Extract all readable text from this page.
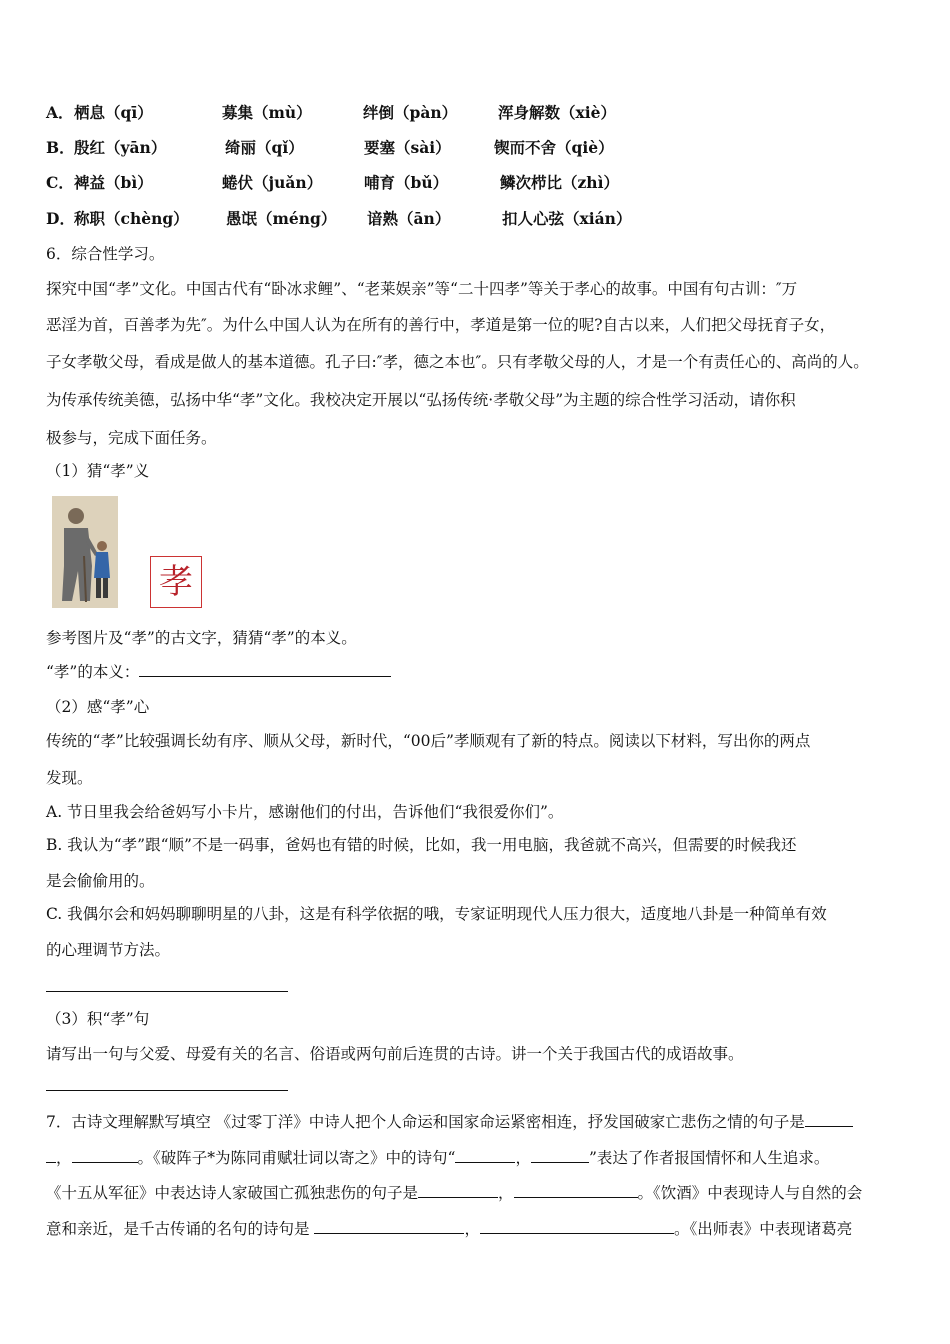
A． 栖息（qī）	募集（mù）	绊倒（pàn）	浑身解数（xiè）
B． 殷红（yān）	绮丽（qǐ）	要塞（sài）	锲而不舍（qiè）
C． 裨益（bì）	蜷伏（juǎn）	哺育（bǔ）	鳞次栉比（zhì）
D． 称职（chèng） 愚氓（méng） 谙熟（ān）	扣人心弦（xián）
6．综合性学习。
探究中国“孝”文化。中国古代有“卧冰求鲤”、“老莱娱亲”等“二十四孝”等关于孝心的故事。中国有句古训：″万
恶淫为首，百善孝为先″。为什么中国人认为在所有的善行中，孝道是第一位的呢?自古以来，人们把父母抚育子女，
子女孝敬父母，看成是做人的基本道德。孔子曰:″孝，德之本也″。只有孝敬父母的人，才是一个有责任心的、高尚的人。
为传承传统美德，弘扬中华“孝”文化。我校决定开展以“弘扬传统·孝敬父母”为主题的综合性学习活动，请你积
极参与，完成下面任务。
（1）猜“孝”义
孝
参考图片及“孝”的古文字，猜猜“孝”的本义。
“孝”的本义：
（2）感“孝”心
传统的“孝”比较强调长幼有序、顺从父母，新时代，“00后”孝顺观有了新的特点。阅读以下材料，写出你的两点
发现。
A. 节日里我会给爸妈写小卡片，感谢他们的付出，告诉他们“我很爱你们”。
B. 我认为“孝”跟“顺”不是一码事，爸妈也有错的时候，比如，我一用电脑，我爸就不高兴，但需要的时候我还
是会偷偷用的。
C. 我偶尔会和妈妈聊聊明星的八卦，这是有科学依据的哦，专家证明现代人压力很大，适度地八卦是一种简单有效
的心理调节方法。
（3）积“孝”句
请写出一句与父爱、母爱有关的名言、俗语或两句前后连贯的古诗。讲一个关于我国古代的成语故事。
7．古诗文理解默写填空 《过零丁洋》中诗人把个人命运和国家命运紧密相连，抒发国破家亡悲伤之情的句子是
，	。《破阵子*为陈同甫赋壮词以寄之》中的诗句“	，	”表达了作者报国情怀和人生追求。
《十五从军征》中表达诗人家破国亡孤独悲伤的句子是	，	。《饮酒》中表现诗人与自然的会
意和亲近，是千古传诵的名句的诗句是	，	。《出师表》中表现诸葛亮
